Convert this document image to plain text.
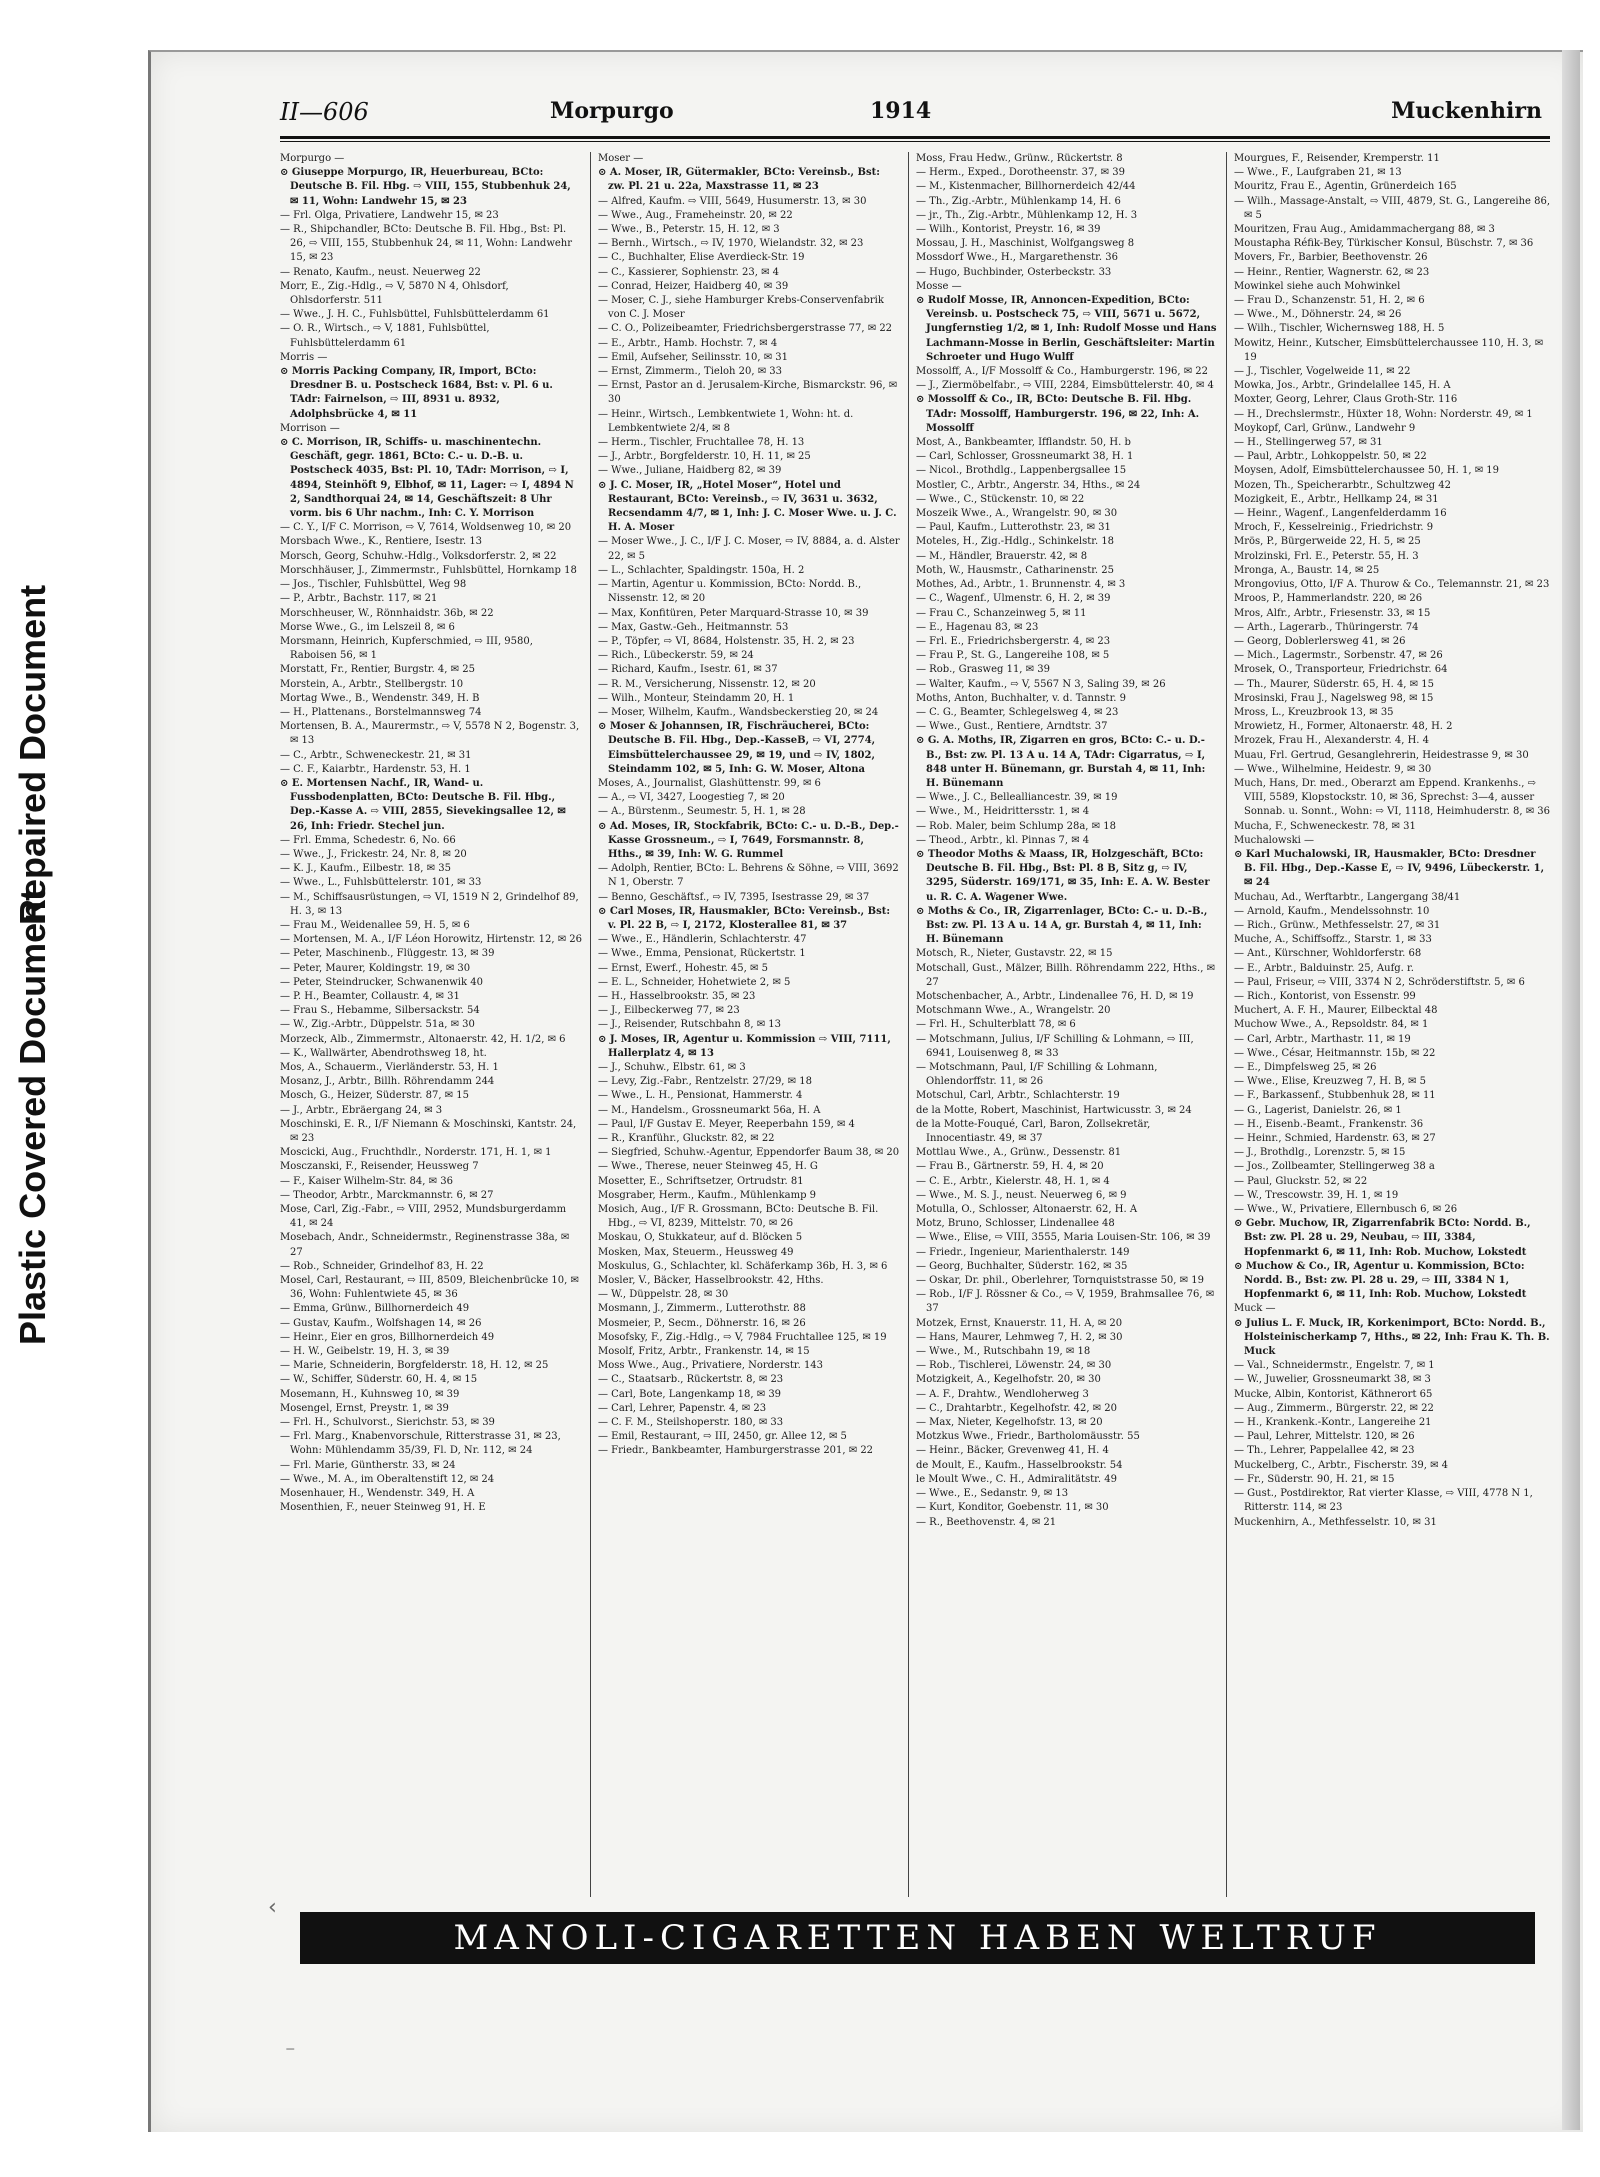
Plastic Covered Document
Repaired Document
II—606	Morpurgo	1914	Muckenhirn

Morpurgo —

⊙ Giuseppe Morpurgo, IR, Heuerbureau, BCto: Deutsche B. Fil. Hbg. ⇨ VIII, 155, Stubbenhuk 24, ✉ 11, Wohn: Landwehr 15, ✉ 23

— Frl. Olga, Privatiere, Landwehr 15, ✉ 23

— R., Shipchandler, BCto: Deutsche B. Fil. Hbg., Bst: Pl. 26, ⇨ VIII, 155, Stubbenhuk 24, ✉ 11, Wohn: Landwehr 15, ✉ 23

— Renato, Kaufm., neust. Neuerweg 22

Morr, E., Zig.-Hdlg., ⇨ V, 5870 N 4, Ohlsdorf, Ohlsdorferstr. 511

— Wwe., J. H. C., Fuhlsbüttel, Fuhlsbüttelerdamm 61

— O. R., Wirtsch., ⇨ V, 1881, Fuhlsbüttel, Fuhlsbüttelerdamm 61

Morris —

⊙ Morris Packing Company, IR, Import, BCto: Dresdner B. u. Postscheck 1684, Bst: v. Pl. 6 u. TAdr: Fairnelson, ⇨ III, 8931 u. 8932, Adolphsbrücke 4, ✉ 11

Morrison —

⊙ C. Morrison, IR, Schiffs- u. maschinentechn. Geschäft, gegr. 1861, BCto: C.- u. D.-B. u. Postscheck 4035, Bst: Pl. 10, TAdr: Morrison, ⇨ I, 4894, Steinhöft 9, Elbhof, ✉ 11, Lager: ⇨ I, 4894 N 2, Sandthorquai 24, ✉ 14, Geschäftszeit: 8 Uhr vorm. bis 6 Uhr nachm., Inh: C. Y. Morrison

— C. Y., I/F C. Morrison, ⇨ V, 7614, Woldsenweg 10, ✉ 20

Morsbach Wwe., K., Rentiere, Isestr. 13

Morsch, Georg, Schuhw.-Hdlg., Volksdorferstr. 2, ✉ 22

Morschhäuser, J., Zimmermstr., Fuhlsbüttel, Hornkamp 18

— Jos., Tischler, Fuhlsbüttel, Weg 98

— P., Arbtr., Bachstr. 117, ✉ 21

Morschheuser, W., Rönnhaidstr. 36b, ✉ 22

Morse Wwe., G., im Lelszeil 8, ✉ 6

Morsmann, Heinrich, Kupferschmied, ⇨ III, 9580, Raboisen 56, ✉ 1

Morstatt, Fr., Rentier, Burgstr. 4, ✉ 25

Morstein, A., Arbtr., Stellbergstr. 10

Mortag Wwe., B., Wendenstr. 349, H. B

— H., Plattenans., Borstelmannsweg 74

Mortensen, B. A., Maurermstr., ⇨ V, 5578 N 2, Bogenstr. 3, ✉ 13

— C., Arbtr., Schweneckestr. 21, ✉ 31

— C. F., Kaiarbtr., Hardenstr. 53, H. 1

⊙ E. Mortensen Nachf., IR, Wand- u. Fussbodenplatten, BCto: Deutsche B. Fil. Hbg., Dep.-Kasse A. ⇨ VIII, 2855, Sievekingsallee 12, ✉ 26, Inh: Friedr. Stechel jun.

— Frl. Emma, Schedestr. 6, No. 66

— Wwe., J., Frickestr. 24, Nr. 8, ✉ 20

— K. J., Kaufm., Eilbestr. 18, ✉ 35

— Wwe., L., Fuhlsbüttelerstr. 101, ✉ 33

— M., Schiffsausrüstungen, ⇨ VI, 1519 N 2, Grindelhof 89, H. 3, ✉ 13

— Frau M., Weidenallee 59, H. 5, ✉ 6

— Mortensen, M. A., I/F Léon Horowitz, Hirtenstr. 12, ✉ 26

— Peter, Maschinenb., Flüggestr. 13, ✉ 39

— Peter, Maurer, Koldingstr. 19, ✉ 30

— Peter, Steindrucker, Schwanenwik 40

— P. H., Beamter, Collaustr. 4, ✉ 31

— Frau S., Hebamme, Silbersackstr. 54

— W., Zig.-Arbtr., Düppelstr. 51a, ✉ 30

Morzeck, Alb., Zimmermstr., Altonaerstr. 42, H. 1/2, ✉ 6

— K., Wallwärter, Abendrothsweg 18, ht.

Mos, A., Schauerm., Vierländerstr. 53, H. 1

Mosanz, J., Arbtr., Billh. Röhrendamm 244

Mosch, G., Heizer, Süderstr. 87, ✉ 15

— J., Arbtr., Ebräergang 24, ✉ 3

Moschinski, E. R., I/F Niemann & Moschinski, Kantstr. 24, ✉ 23

Moscicki, Aug., Fruchthdlr., Norderstr. 171, H. 1, ✉ 1

Mosczanski, F., Reisender, Heussweg 7

— F., Kaiser Wilhelm-Str. 84, ✉ 36

— Theodor, Arbtr., Marckmannstr. 6, ✉ 27

Mose, Carl, Zig.-Fabr., ⇨ VIII, 2952, Mundsburgerdamm 41, ✉ 24

Mosebach, Andr., Schneidermstr., Reginenstrasse 38a, ✉ 27

— Rob., Schneider, Grindelhof 83, H. 22

Mosel, Carl, Restaurant, ⇨ III, 8509, Bleichenbrücke 10, ✉ 36, Wohn: Fuhlentwiete 45, ✉ 36

— Emma, Grünw., Billhornerdeich 49

— Gustav, Kaufm., Wolfshagen 14, ✉ 26

— Heinr., Eier en gros, Billhornerdeich 49

— H. W., Geibelstr. 19, H. 3, ✉ 39

— Marie, Schneiderin, Borgfelderstr. 18, H. 12, ✉ 25

— W., Schiffer, Süderstr. 60, H. 4, ✉ 15

Mosemann, H., Kuhnsweg 10, ✉ 39

Mosengel, Ernst, Preystr. 1, ✉ 39

— Frl. H., Schulvorst., Sierichstr. 53, ✉ 39

— Frl. Marg., Knabenvorschule, Ritterstrasse 31, ✉ 23, Wohn: Mühlendamm 35/39, Fl. D, Nr. 112, ✉ 24

— Frl. Marie, Güntherstr. 33, ✉ 24

— Wwe., M. A., im Oberaltenstift 12, ✉ 24

Mosenhauer, H., Wendenstr. 349, H. A

Mosenthien, F., neuer Steinweg 91, H. E

Moser —

⊙ A. Moser, IR, Gütermakler, BCto: Vereinsb., Bst: zw. Pl. 21 u. 22a, Maxstrasse 11, ✉ 23

— Alfred, Kaufm. ⇨ VIII, 5649, Husumerstr. 13, ✉ 30

— Wwe., Aug., Frameheinstr. 20, ✉ 22

— Wwe., B., Peterstr. 15, H. 12, ✉ 3

— Bernh., Wirtsch., ⇨ IV, 1970, Wielandstr. 32, ✉ 23

— C., Buchhalter, Elise Averdieck-Str. 19

— C., Kassierer, Sophienstr. 23, ✉ 4

— Conrad, Heizer, Haidberg 40, ✉ 39

— Moser, C. J., siehe Hamburger Krebs-Conservenfabrik von C. J. Moser

— C. O., Polizeibeamter, Friedrichsbergerstrasse 77, ✉ 22

— E., Arbtr., Hamb. Hochstr. 7, ✉ 4

— Emil, Aufseher, Seilinsstr. 10, ✉ 31

— Ernst, Zimmerm., Tieloh 20, ✉ 33

— Ernst, Pastor an d. Jerusalem-Kirche, Bismarckstr. 96, ✉ 30

— Heinr., Wirtsch., Lembkentwiete 1, Wohn: ht. d. Lembkentwiete 2/4, ✉ 8

— Herm., Tischler, Fruchtallee 78, H. 13

— J., Arbtr., Borgfelderstr. 10, H. 11, ✉ 25

— Wwe., Juliane, Haidberg 82, ✉ 39

⊙ J. C. Moser, IR, „Hotel Moser“, Hotel und Restaurant, BCto: Vereinsb., ⇨ IV, 3631 u. 3632, Recsendamm 4/7, ✉ 1, Inh: J. C. Moser Wwe. u. J. C. H. A. Moser

— Moser Wwe., J. C., I/F J. C. Moser, ⇨ IV, 8884, a. d. Alster 22, ✉ 5

— L., Schlachter, Spaldingstr. 150a, H. 2

— Martin, Agentur u. Kommission, BCto: Nordd. B., Nissenstr. 12, ✉ 20

— Max, Konfitüren, Peter Marquard-Strasse 10, ✉ 39

— Max, Gastw.-Geh., Heitmannstr. 53

— P., Töpfer, ⇨ VI, 8684, Holstenstr. 35, H. 2, ✉ 23

— Rich., Lübeckerstr. 59, ✉ 24

— Richard, Kaufm., Isestr. 61, ✉ 37

— R. M., Versicherung, Nissenstr. 12, ✉ 20

— Wilh., Monteur, Steindamm 20, H. 1

— Moser, Wilhelm, Kaufm., Wandsbeckerstieg 20, ✉ 24

⊙ Moser & Johannsen, IR, Fischräucherei, BCto: Deutsche B. Fil. Hbg., Dep.-KasseB, ⇨ VI, 2774, Eimsbüttelerchaussee 29, ✉ 19, und ⇨ IV, 1802, Steindamm 102, ✉ 5, Inh: G. W. Moser, Altona

Moses, A., Journalist, Glashüttenstr. 99, ✉ 6

— A., ⇨ VI, 3427, Loogestieg 7, ✉ 20

— A., Bürstenm., Seumestr. 5, H. 1, ✉ 28

⊙ Ad. Moses, IR, Stockfabrik, BCto: C.- u. D.-B., Dep.-Kasse Grossneum., ⇨ I, 7649, Forsmannstr. 8, Hths., ✉ 39, Inh: W. G. Rummel

— Adolph, Rentier, BCto: L. Behrens & Söhne, ⇨ VIII, 3692 N 1, Oberstr. 7

— Benno, Geschäftsf., ⇨ IV, 7395, Isestrasse 29, ✉ 37

⊙ Carl Moses, IR, Hausmakler, BCto: Vereinsb., Bst: v. Pl. 22 B, ⇨ I, 2172, Klosterallee 81, ✉ 37

— Wwe., E., Händlerin, Schlachterstr. 47

— Wwe., Emma, Pensionat, Rückertstr. 1

— Ernst, Ewerf., Hohestr. 45, ✉ 5

— E. L., Schneider, Hohetwiete 2, ✉ 5

— H., Hasselbrookstr. 35, ✉ 23

— J., Eilbeckerweg 77, ✉ 23

— J., Reisender, Rutschbahn 8, ✉ 13

⊙ J. Moses, IR, Agentur u. Kommission ⇨ VIII, 7111, Hallerplatz 4, ✉ 13

— J., Schuhw., Elbstr. 61, ✉ 3

— Levy, Zig.-Fabr., Rentzelstr. 27/29, ✉ 18

— Wwe., L. H., Pensionat, Hammerstr. 4

— M., Handelsm., Grossneumarkt 56a, H. A

— Paul, I/F Gustav E. Meyer, Reeperbahn 159, ✉ 4

— R., Kranführ., Gluckstr. 82, ✉ 22

— Siegfried, Schuhw.-Agentur, Eppendorfer Baum 38, ✉ 20

— Wwe., Therese, neuer Steinweg 45, H. G

Mosetter, E., Schriftsetzer, Ortrudstr. 81

Mosgraber, Herm., Kaufm., Mühlenkamp 9

Mosich, Aug., I/F R. Grossmann, BCto: Deutsche B. Fil. Hbg., ⇨ VI, 8239, Mittelstr. 70, ✉ 26

Moskau, O, Stukkateur, auf d. Blöcken 5

Mosken, Max, Steuerm., Heussweg 49

Moskulus, G., Schlachter, kl. Schäferkamp 36b, H. 3, ✉ 6

Mosler, V., Bäcker, Hasselbrookstr. 42, Hths.

— W., Düppelstr. 28, ✉ 30

Mosmann, J., Zimmerm., Lutterothstr. 88

Mosmeier, P., Secm., Döhnerstr. 16, ✉ 26

Mosofsky, F., Zig.-Hdlg., ⇨ V, 7984 Fruchtallee 125, ✉ 19

Mosolf, Fritz, Arbtr., Frankenstr. 14, ✉ 15

Moss Wwe., Aug., Privatiere, Norderstr. 143

— C., Staatsarb., Rückertstr. 8, ✉ 23

— Carl, Bote, Langenkamp 18, ✉ 39

— Carl, Lehrer, Papenstr. 4, ✉ 23

— C. F. M., Steilshoperstr. 180, ✉ 33

— Emil, Restaurant, ⇨ III, 2450, gr. Allee 12, ✉ 5

— Friedr., Bankbeamter, Hamburgerstrasse 201, ✉ 22

Moss, Frau Hedw., Grünw., Rückertstr. 8

— Herm., Exped., Dorotheenstr. 37, ✉ 39

— M., Kistenmacher, Billhornerdeich 42/44

— Th., Zig.-Arbtr., Mühlenkamp 14, H. 6

— jr., Th., Zig.-Arbtr., Mühlenkamp 12, H. 3

— Wilh., Kontorist, Preystr. 16, ✉ 39

Mossau, J. H., Maschinist, Wolfgangsweg 8

Mossdorf Wwe., H., Margarethenstr. 36

— Hugo, Buchbinder, Osterbeckstr. 33

Mosse —

⊙ Rudolf Mosse, IR, Annoncen-Expedition, BCto: Vereinsb. u. Postscheck 75, ⇨ VIII, 5671 u. 5672, Jungfernstieg 1/2, ✉ 1, Inh: Rudolf Mosse und Hans Lachmann-Mosse in Berlin, Geschäftsleiter: Martin Schroeter und Hugo Wulff

Mossolff, A., I/F Mossolff & Co., Hamburgerstr. 196, ✉ 22

— J., Ziermöbelfabr., ⇨ VIII, 2284, Eimsbüttelerstr. 40, ✉ 4

⊙ Mossolff & Co., IR, BCto: Deutsche B. Fil. Hbg. TAdr: Mossolff, Hamburgerstr. 196, ✉ 22, Inh: A. Mossolff

Most, A., Bankbeamter, Ifflandstr. 50, H. b

— Carl, Schlosser, Grossneumarkt 38, H. 1

— Nicol., Brothdlg., Lappenbergsallee 15

Mostler, C., Arbtr., Angerstr. 34, Hths., ✉ 24

— Wwe., C., Stückenstr. 10, ✉ 22

Moszeik Wwe., A., Wrangelstr. 90, ✉ 30

— Paul, Kaufm., Lutterothstr. 23, ✉ 31

Moteles, H., Zig.-Hdlg., Schinkelstr. 18

— M., Händler, Brauerstr. 42, ✉ 8

Moth, W., Hausmstr., Catharinenstr. 25

Mothes, Ad., Arbtr., 1. Brunnenstr. 4, ✉ 3

— C., Wagenf., Ulmenstr. 6, H. 2, ✉ 39

— Frau C., Schanzeinweg 5, ✉ 11

— E., Hagenau 83, ✉ 23

— Frl. E., Friedrichsbergerstr. 4, ✉ 23

— Frau P., St. G., Langereihe 108, ✉ 5

— Rob., Grasweg 11, ✉ 39

— Walter, Kaufm., ⇨ V, 5567 N 3, Saling 39, ✉ 26

Moths, Anton, Buchhalter, v. d. Tannstr. 9

— C. G., Beamter, Schlegelsweg 4, ✉ 23

— Wwe., Gust., Rentiere, Arndtstr. 37

⊙ G. A. Moths, IR, Zigarren en gros, BCto: C.- u. D.-B., Bst: zw. Pl. 13 A u. 14 A, TAdr: Cigarratus, ⇨ I, 848 unter H. Bünemann, gr. Burstah 4, ✉ 11, Inh: H. Bünemann

— Wwe., J. C., Bellealliancestr. 39, ✉ 19

— Wwe., M., Heidrittersstr. 1, ✉ 4

— Rob. Maler, beim Schlump 28a, ✉ 18

— Theod., Arbtr., kl. Pinnas 7, ✉ 4

⊙ Theodor Moths & Maass, IR, Holzgeschäft, BCto: Deutsche B. Fil. Hbg., Bst: Pl. 8 B, Sitz g, ⇨ IV, 3295, Süderstr. 169/171, ✉ 35, Inh: E. A. W. Bester u. R. C. A. Wagener Wwe.

⊙ Moths & Co., IR, Zigarrenlager, BCto: C.- u. D.-B., Bst: zw. Pl. 13 A u. 14 A, gr. Burstah 4, ✉ 11, Inh: H. Bünemann

Motsch, R., Nieter, Gustavstr. 22, ✉ 15

Motschall, Gust., Mälzer, Billh. Röhrendamm 222, Hths., ✉ 27

Motschenbacher, A., Arbtr., Lindenallee 76, H. D, ✉ 19

Motschmann Wwe., A., Wrangelstr. 20

— Frl. H., Schulterblatt 78, ✉ 6

— Motschmann, Julius, I/F Schilling & Lohmann, ⇨ III, 6941, Louisenweg 8, ✉ 33

— Motschmann, Paul, I/F Schilling & Lohmann, Ohlendorffstr. 11, ✉ 26

Motschul, Carl, Arbtr., Schlachterstr. 19

de la Motte, Robert, Maschinist, Hartwicusstr. 3, ✉ 24

de la Motte-Fouqué, Carl, Baron, Zollsekretär, Innocentiastr. 49, ✉ 37

Mottlau Wwe., A., Grünw., Dessenstr. 81

— Frau B., Gärtnerstr. 59, H. 4, ✉ 20

— C. E., Arbtr., Kielerstr. 48, H. 1, ✉ 4

— Wwe., M. S. J., neust. Neuerweg 6, ✉ 9

Motulla, O., Schlosser, Altonaerstr. 62, H. A

Motz, Bruno, Schlosser, Lindenallee 48

— Wwe., Elise, ⇨ VIII, 3555, Maria Louisen-Str. 106, ✉ 39

— Friedr., Ingenieur, Marienthalerstr. 149

— Georg, Buchhalter, Süderstr. 162, ✉ 35

— Oskar, Dr. phil., Oberlehrer, Tornquiststrasse 50, ✉ 19

— Rob., I/F J. Rössner & Co., ⇨ V, 1959, Brahmsallee 76, ✉ 37

Motzek, Ernst, Knauerstr. 11, H. A, ✉ 20

— Hans, Maurer, Lehmweg 7, H. 2, ✉ 30

— Wwe., M., Rutschbahn 19, ✉ 18

— Rob., Tischlerei, Löwenstr. 24, ✉ 30

Motzigkeit, A., Kegelhofstr. 20, ✉ 30

— A. F., Drahtw., Wendloherweg 3

— C., Drahtarbtr., Kegelhofstr. 42, ✉ 20

— Max, Nieter, Kegelhofstr. 13, ✉ 20

Motzkus Wwe., Friedr., Bartholomäusstr. 55

— Heinr., Bäcker, Grevenweg 41, H. 4

de Moult, E., Kaufm., Hasselbrookstr. 54

le Moult Wwe., C. H., Admiralitätstr. 49

— Wwe., E., Sedanstr. 9, ✉ 13

— Kurt, Konditor, Goebenstr. 11, ✉ 30

— R., Beethovenstr. 4, ✉ 21

Mourgues, F., Reisender, Kremperstr. 11

— Wwe., F., Laufgraben 21, ✉ 13

Mouritz, Frau E., Agentin, Grünerdeich 165

— Wilh., Massage-Anstalt, ⇨ VIII, 4879, St. G., Langereihe 86, ✉ 5

Mouritzen, Frau Aug., Amidammachergang 88, ✉ 3

Moustapha Réfik-Bey, Türkischer Konsul, Büschstr. 7, ✉ 36

Movers, Fr., Barbier, Beethovenstr. 26

— Heinr., Rentier, Wagnerstr. 62, ✉ 23

Mowinkel siehe auch Mohwinkel

— Frau D., Schanzenstr. 51, H. 2, ✉ 6

— Wwe., M., Döhnerstr. 24, ✉ 26

— Wilh., Tischler, Wichernsweg 188, H. 5

Mowitz, Heinr., Kutscher, Eimsbüttelerchaussee 110, H. 3, ✉ 19

— J., Tischler, Vogelweide 11, ✉ 22

Mowka, Jos., Arbtr., Grindelallee 145, H. A

Moxter, Georg, Lehrer, Claus Groth-Str. 116

— H., Drechslermstr., Hüxter 18, Wohn: Norderstr. 49, ✉ 1

Moykopf, Carl, Grünw., Landwehr 9

— H., Stellingerweg 57, ✉ 31

— Paul, Arbtr., Lohkoppelstr. 50, ✉ 22

Moysen, Adolf, Eimsbüttelerchaussee 50, H. 1, ✉ 19

Mozen, Th., Speicherarbtr., Schultzweg 42

Mozigkeit, E., Arbtr., Hellkamp 24, ✉ 31

— Heinr., Wagenf., Langenfelderdamm 16

Mroch, F., Kesselreinig., Friedrichstr. 9

Mrös, P., Bürgerweide 22, H. 5, ✉ 25

Mrolzinski, Frl. E., Peterstr. 55, H. 3

Mronga, A., Baustr. 14, ✉ 25

Mrongovius, Otto, I/F A. Thurow & Co., Telemannstr. 21, ✉ 23

Mroos, P., Hammerlandstr. 220, ✉ 26

Mros, Alfr., Arbtr., Friesenstr. 33, ✉ 15

— Arth., Lagerarb., Thüringerstr. 74

— Georg, Doblerlersweg 41, ✉ 26

— Mich., Lagermstr., Sorbenstr. 47, ✉ 26

Mrosek, O., Transporteur, Friedrichstr. 64

— Th., Maurer, Süderstr. 65, H. 4, ✉ 15

Mrosinski, Frau J., Nagelsweg 98, ✉ 15

Mross, L., Kreuzbrook 13, ✉ 35

Mrowietz, H., Former, Altonaerstr. 48, H. 2

Mrozek, Frau H., Alexanderstr. 4, H. 4

Muau, Frl. Gertrud, Gesanglehrerin, Heidestrasse 9, ✉ 30

— Wwe., Wilhelmine, Heidestr. 9, ✉ 30

Much, Hans, Dr. med., Oberarzt am Eppend. Krankenhs., ⇨ VIII, 5589, Klopstockstr. 10, ✉ 36, Sprechst: 3—4, ausser Sonnab. u. Sonnt., Wohn: ⇨ VI, 1118, Heimhuderstr. 8, ✉ 36

Mucha, F., Schweneckestr. 78, ✉ 31

Muchalowski —

⊙ Karl Muchalowski, IR, Hausmakler, BCto: Dresdner B. Fil. Hbg., Dep.-Kasse E, ⇨ IV, 9496, Lübeckerstr. 1, ✉ 24

Muchau, Ad., Werftarbtr., Langergang 38/41

— Arnold, Kaufm., Mendelssohnstr. 10

— Rich., Grünw., Methfesselstr. 27, ✉ 31

Muche, A., Schiffsoffz., Starstr. 1, ✉ 33

— Ant., Kürschner, Wohldorferstr. 68

— E., Arbtr., Balduinstr. 25, Aufg. r.

— Paul, Friseur, ⇨ VIII, 3374 N 2, Schröderstiftstr. 5, ✉ 6

— Rich., Kontorist, von Essenstr. 99

Muchert, A. F. H., Maurer, Eilbecktal 48

Muchow Wwe., A., Repsoldstr. 84, ✉ 1

— Carl, Arbtr., Marthastr. 11, ✉ 19

— Wwe., César, Heitmannstr. 15b, ✉ 22

— E., Dimpfelsweg 25, ✉ 26

— Wwe., Elise, Kreuzweg 7, H. B, ✉ 5

— F., Barkassenf., Stubbenhuk 28, ✉ 11

— G., Lagerist, Danielstr. 26, ✉ 1

— H., Eisenb.-Beamt., Frankenstr. 36

— Heinr., Schmied, Hardenstr. 63, ✉ 27

— J., Brothdlg., Lorenzstr. 5, ✉ 15

— Jos., Zollbeamter, Stellingerweg 38 a

— Paul, Gluckstr. 52, ✉ 22

— W., Trescowstr. 39, H. 1, ✉ 19

— Wwe., W., Privatiere, Ellernbusch 6, ✉ 26

⊙ Gebr. Muchow, IR, Zigarrenfabrik BCto: Nordd. B., Bst: zw. Pl. 28 u. 29, Neubau, ⇨ III, 3384, Hopfenmarkt 6, ✉ 11, Inh: Rob. Muchow, Lokstedt

⊙ Muchow & Co., IR, Agentur u. Kommission, BCto: Nordd. B., Bst: zw. Pl. 28 u. 29, ⇨ III, 3384 N 1, Hopfenmarkt 6, ✉ 11, Inh: Rob. Muchow, Lokstedt

Muck —

⊙ Julius L. F. Muck, IR, Korkenimport, BCto: Nordd. B., Holsteinischerkamp 7, Hths., ✉ 22, Inh: Frau K. Th. B. Muck

— Val., Schneidermstr., Engelstr. 7, ✉ 1

— W., Juwelier, Grossneumarkt 38, ✉ 3

Mucke, Albin, Kontorist, Käthnerort 65

— Aug., Zimmerm., Bürgerstr. 22, ✉ 22

— H., Krankenk.-Kontr., Langereihe 21

— Paul, Lehrer, Mittelstr. 120, ✉ 26

— Th., Lehrer, Pappelallee 42, ✉ 23

Muckelberg, C., Arbtr., Fischerstr. 39, ✉ 4

— Fr., Süderstr. 90, H. 21, ✉ 15

— Gust., Postdirektor, Rat vierter Klasse, ⇨ VIII, 4778 N 1, Ritterstr. 114, ✉ 23

Muckenhirn, A., Methfesselstr. 10, ✉ 31

MANOLI-CIGARETTEN HABEN WELTRUF
‹
⁻
